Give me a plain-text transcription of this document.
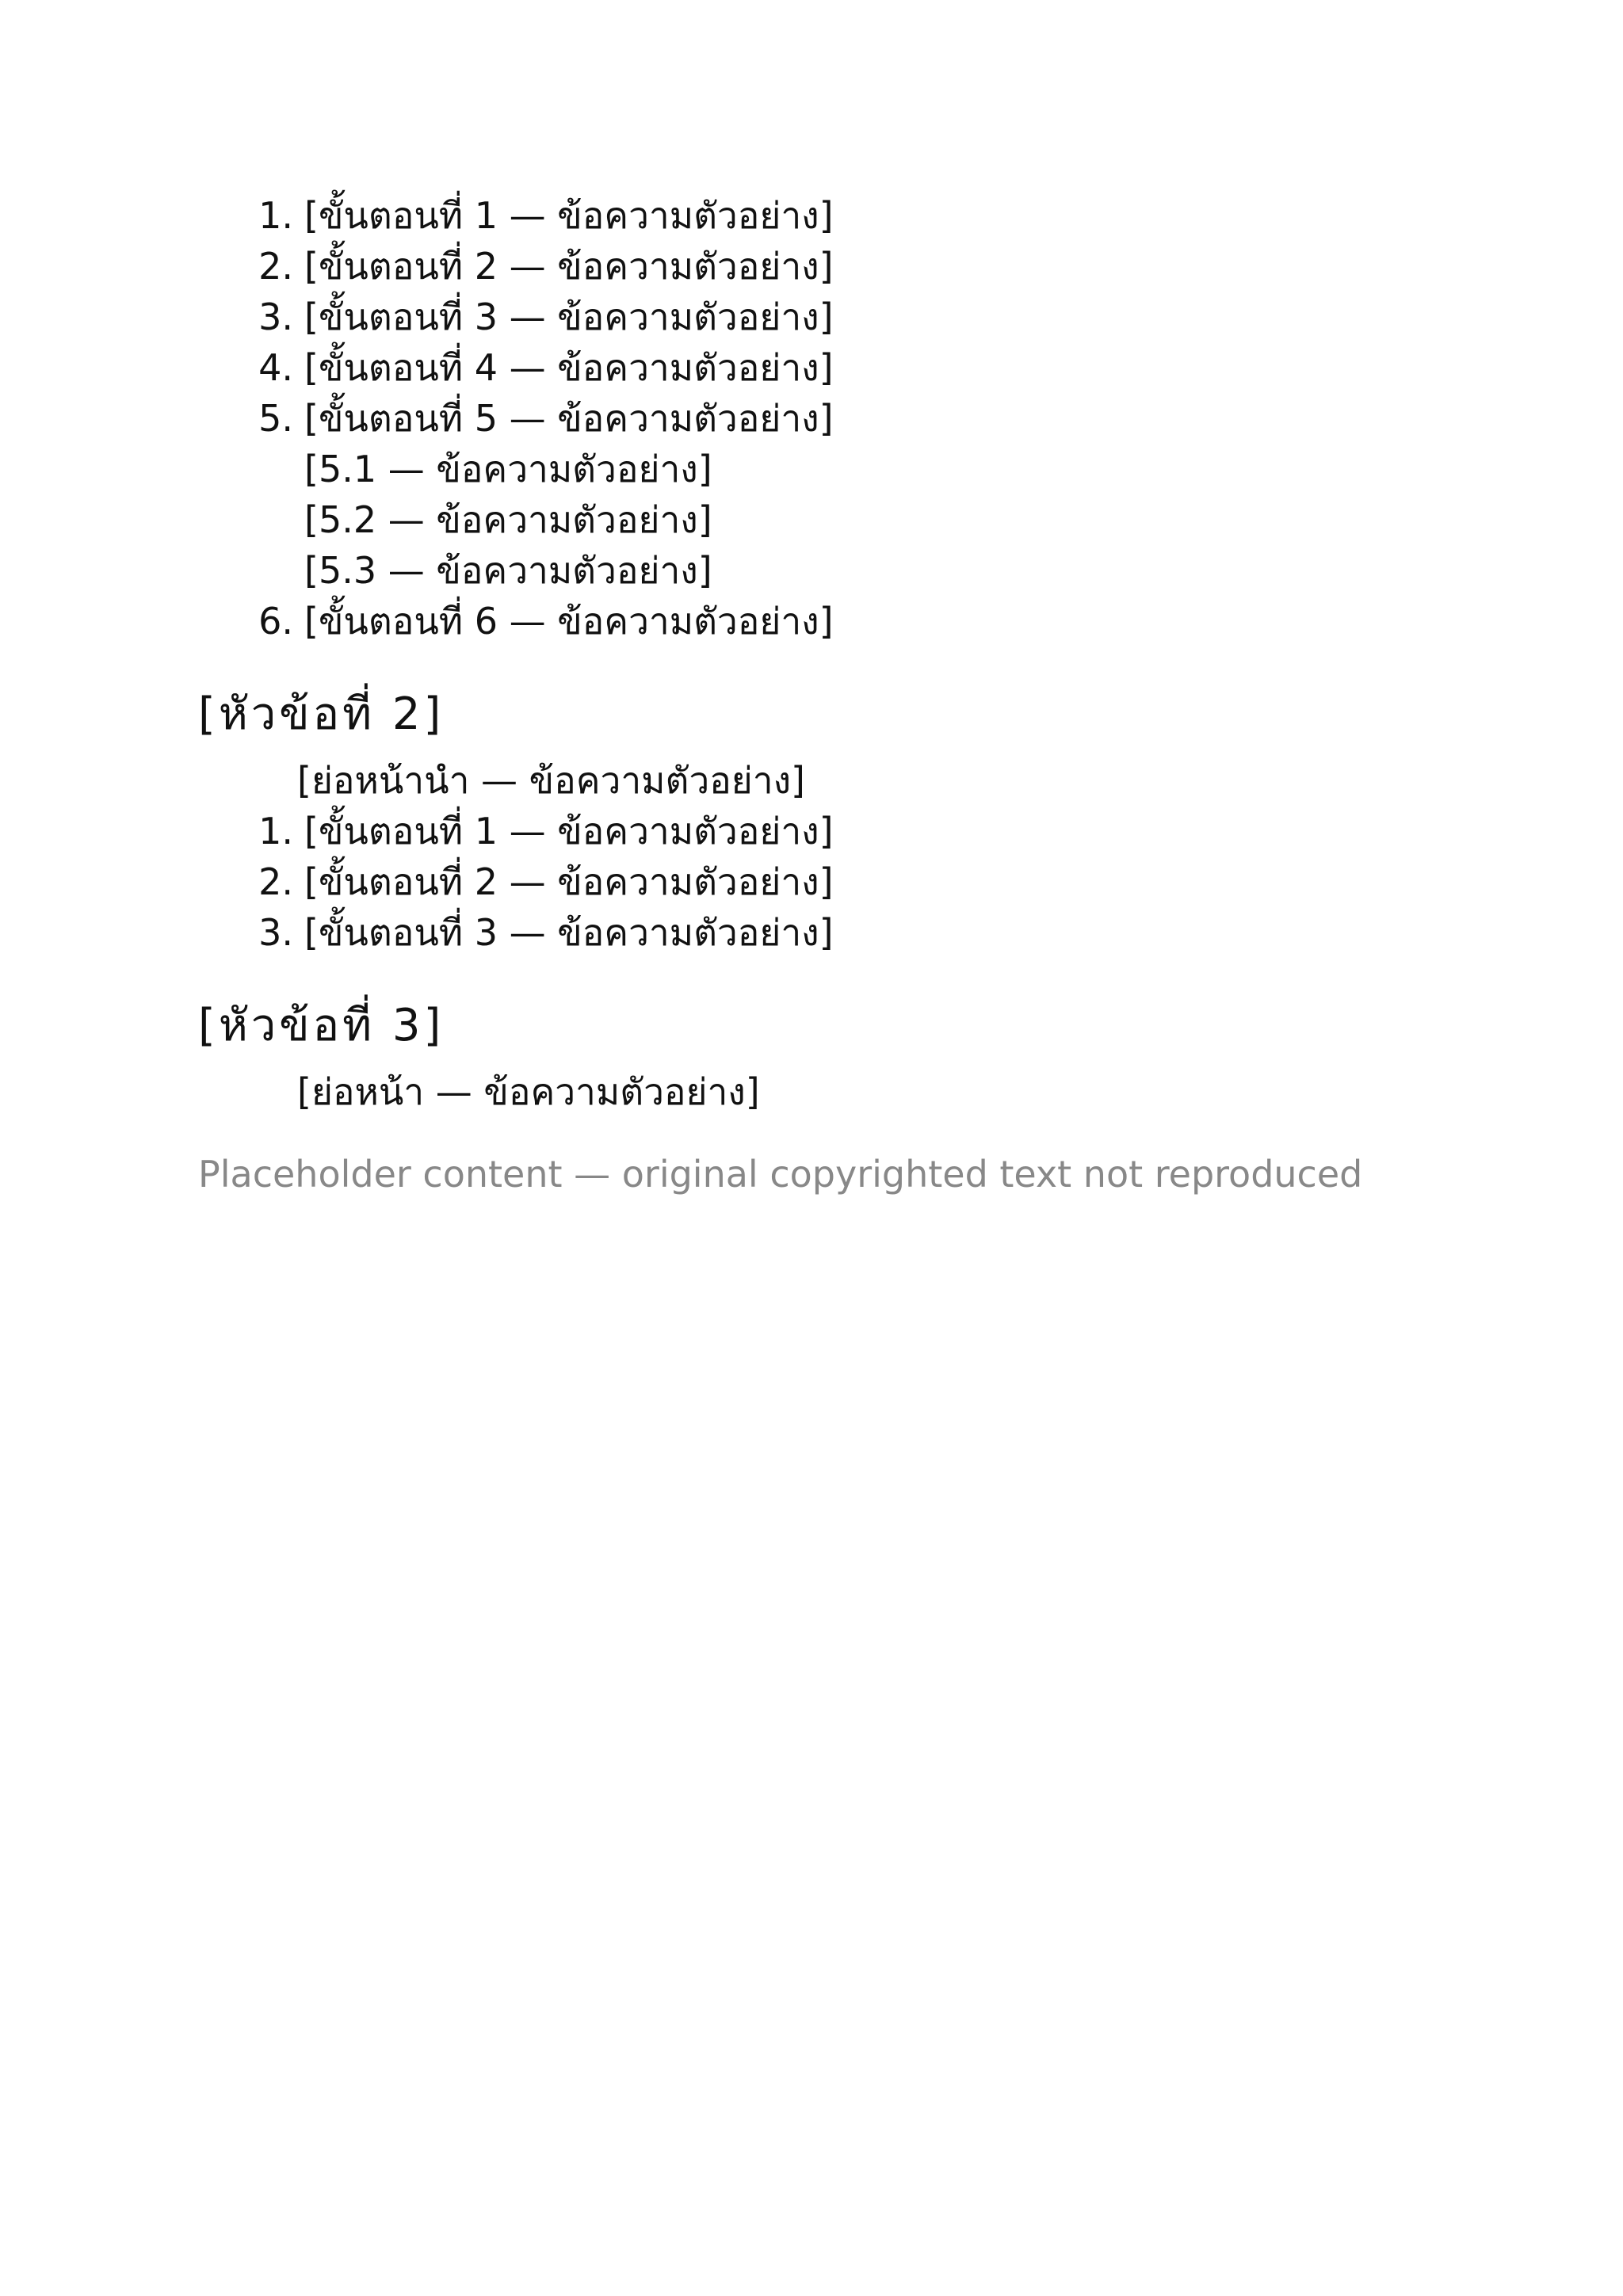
1. [ขั้นตอนที่ 1 — ข้อความตัวอย่าง]
2. [ขั้นตอนที่ 2 — ข้อความตัวอย่าง]
3. [ขั้นตอนที่ 3 — ข้อความตัวอย่าง]
4. [ขั้นตอนที่ 4 — ข้อความตัวอย่าง]
5. [ขั้นตอนที่ 5 — ข้อความตัวอย่าง]
[5.1 — ข้อความตัวอย่าง]
[5.2 — ข้อความตัวอย่าง]
[5.3 — ข้อความตัวอย่าง]
6. [ขั้นตอนที่ 6 — ข้อความตัวอย่าง]
[หัวข้อที่ 2]
[ย่อหน้านำ — ข้อความตัวอย่าง]
1. [ขั้นตอนที่ 1 — ข้อความตัวอย่าง]
2. [ขั้นตอนที่ 2 — ข้อความตัวอย่าง]
3. [ขั้นตอนที่ 3 — ข้อความตัวอย่าง]
[หัวข้อที่ 3]
[ย่อหน้า — ข้อความตัวอย่าง]
Placeholder content — original copyrighted text not reproduced
